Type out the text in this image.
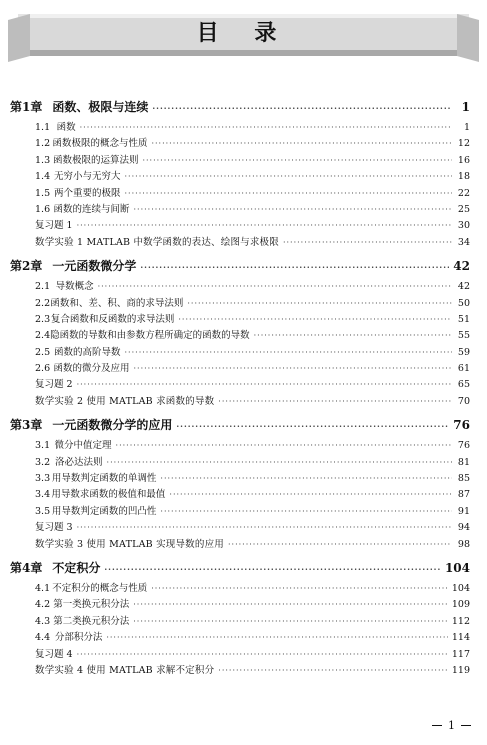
目 录
第1章 函数、极限与连续 ·····	1
1.1 函数 ·····	1
1.2 函数极限的概念与性质 ·····	12
1.3 函数极限的运算法则 ·····	16
1.4 无穷小与无穷大 ·····	18
1.5 两个重要的极限 ·····	22
1.6 函数的连续与间断 ·····	25
复习题 1 ·····	30
数学实验 1 MATLAB 中数学函数的表达、绘图与求极限 ·····	34
第2章 一元函数微分学 ·····	42
2.1 导数概念 ·····	42
2.2 函数和、差、积、商的求导法则 ·····	50
2.3 复合函数和反函数的求导法则 ·····	51
2.4 隐函数的导数和由参数方程所确定的函数的导数 ·····	55
2.5 函数的高阶导数 ·····	59
2.6 函数的微分及应用 ·····	61
复习题 2 ·····	65
数学实验 2 使用 MATLAB 求函数的导数 ·····	70
第3章 一元函数微分学的应用 ·····	76
3.1 微分中值定理 ·····	76
3.2 洛必达法则 ·····	81
3.3 用导数判定函数的单调性 ·····	85
3.4 用导数求函数的极值和最值 ·····	87
3.5 用导数判定函数的凹凸性 ·····	91
复习题 3 ·····	94
数学实验 3 使用 MATLAB 实现导数的应用 ·····	98
第4章 不定积分 ·····	104
4.1 不定积分的概念与性质 ·····	104
4.2 第一类换元积分法 ·····	109
4.3 第二类换元积分法 ·····	112
4.4 分部积分法 ·····	114
复习题 4 ·····	117
数学实验 4 使用 MATLAB 求解不定积分 ·····	119
1
